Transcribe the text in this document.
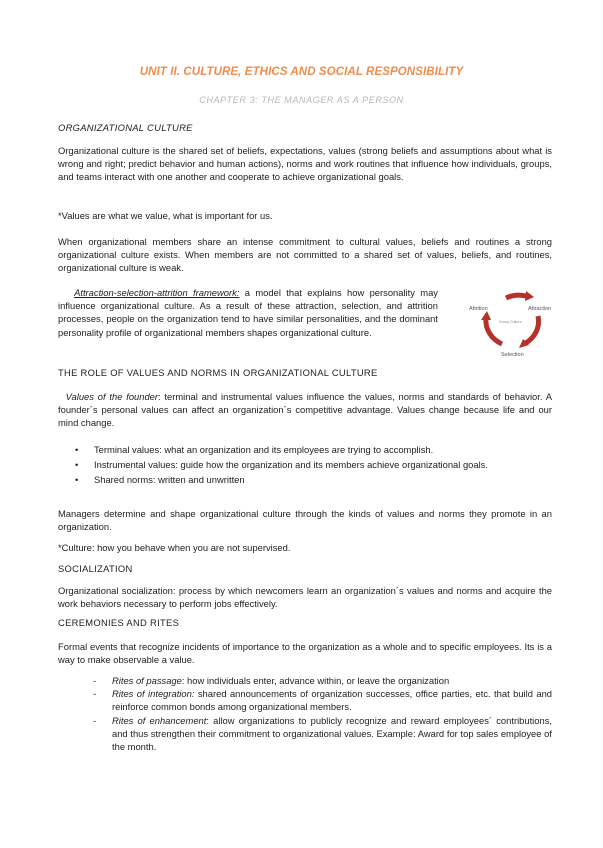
UNIT II. CULTURE, ETHICS AND SOCIAL RESPONSIBILITY
CHAPTER 3: THE MANAGER AS A PERSON
ORGANIZATIONAL CULTURE
Organizational culture is the shared set of beliefs, expectations, values (strong beliefs and assumptions about what is wrong and right; predict behavior and human actions), norms and work routines that influence how individuals, groups, and teams interact with one another and cooperate to achieve organizational goals.
*Values are what we value, what is important for us.
When organizational members share an intense commitment to cultural values, beliefs and routines a strong organizational culture exists. When members are not committed to a shared set of values, beliefs, and routines, organizational culture is weak.
Attraction-selection-attrition framework: a model that explains how personality may influence organizational culture. As a result of these attraction, selection, and attrition processes, people on the organization tend to have similar personalities, and the dominant personality profile of organizational members shapes organizational culture.
Attrition	Attraction
Selection
Group Culture
THE ROLE OF VALUES AND NORMS IN ORGANIZATIONAL CULTURE
Values of the founder: terminal and instrumental values influence the values, norms and standards of behavior. A founder´s personal values can affect an organization´s competitive advantage. Values change because life and our mind change.
• Terminal values: what an organization and its employees are trying to accomplish.
• Instrumental values: guide how the organization and its members achieve organizational goals.
• Shared norms: written and unwritten
Managers determine and shape organizational culture through the kinds of values and norms they promote in an organization.
*Culture: how you behave when you are not supervised.
SOCIALIZATION
Organizational socialization: process by which newcomers learn an organization´s values and norms and acquire the work behaviors necessary to perform jobs effectively.
CEREMONIES AND RITES
Formal events that recognize incidents of importance to the organization as a whole and to specific employees. Its is a way to make observable a value.
- Rites of passage: how individuals enter, advance within, or leave the organization
- Rites of integration: shared announcements of organization successes, office parties, etc. that build and reinforce common bonds among organizational members.
- Rites of enhancement: allow organizations to publicly recognize and reward employees´ contributions, and thus strengthen their commitment to organizational values. Example: Award for top sales employee of the month.
